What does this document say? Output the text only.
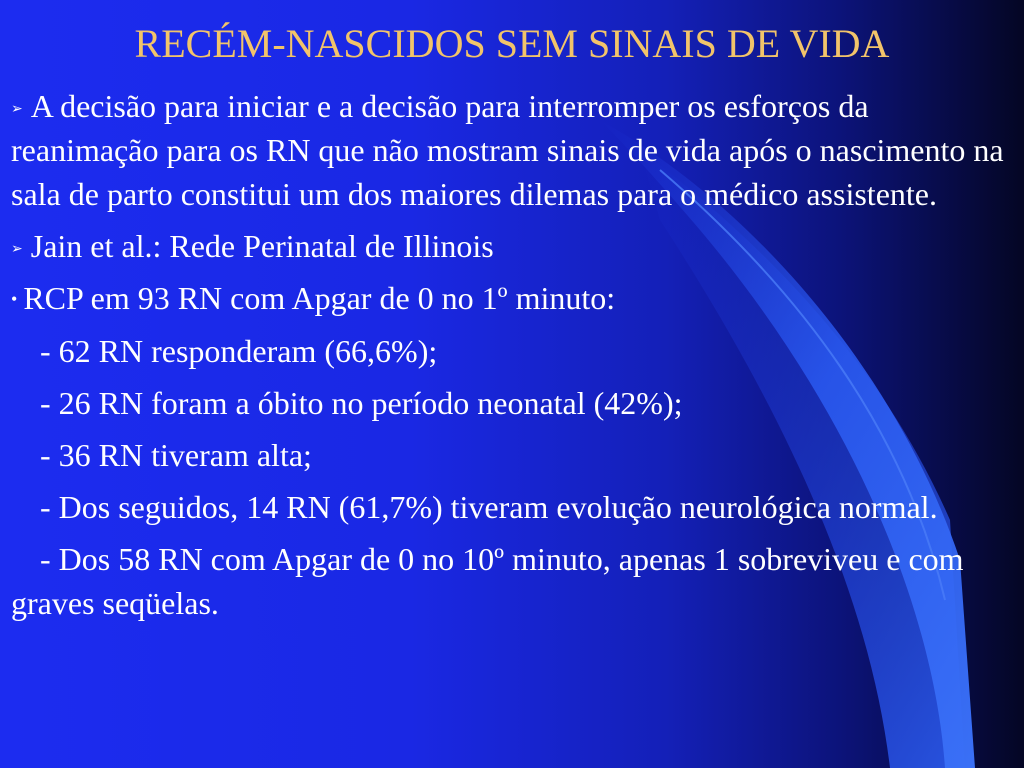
RECÉM-NASCIDOS SEM SINAIS DE VIDA
➢ A decisão para iniciar e a decisão para interromper os esforços da reanimação para os RN que não mostram sinais de vida após o nascimento na sala de parto constitui um dos maiores dilemas para o médico assistente.
➢ Jain et al.: Rede Perinatal de Illinois
• RCP em 93 RN com Apgar de 0 no 1º minuto:
- 62 RN responderam (66,6%);
- 26 RN foram a óbito no período neonatal (42%);
- 36 RN tiveram alta;
- Dos seguidos, 14 RN (61,7%) tiveram evolução neurológica normal.
- Dos 58 RN com Apgar de 0 no 10º minuto, apenas 1 sobreviveu e com graves seqüelas.
